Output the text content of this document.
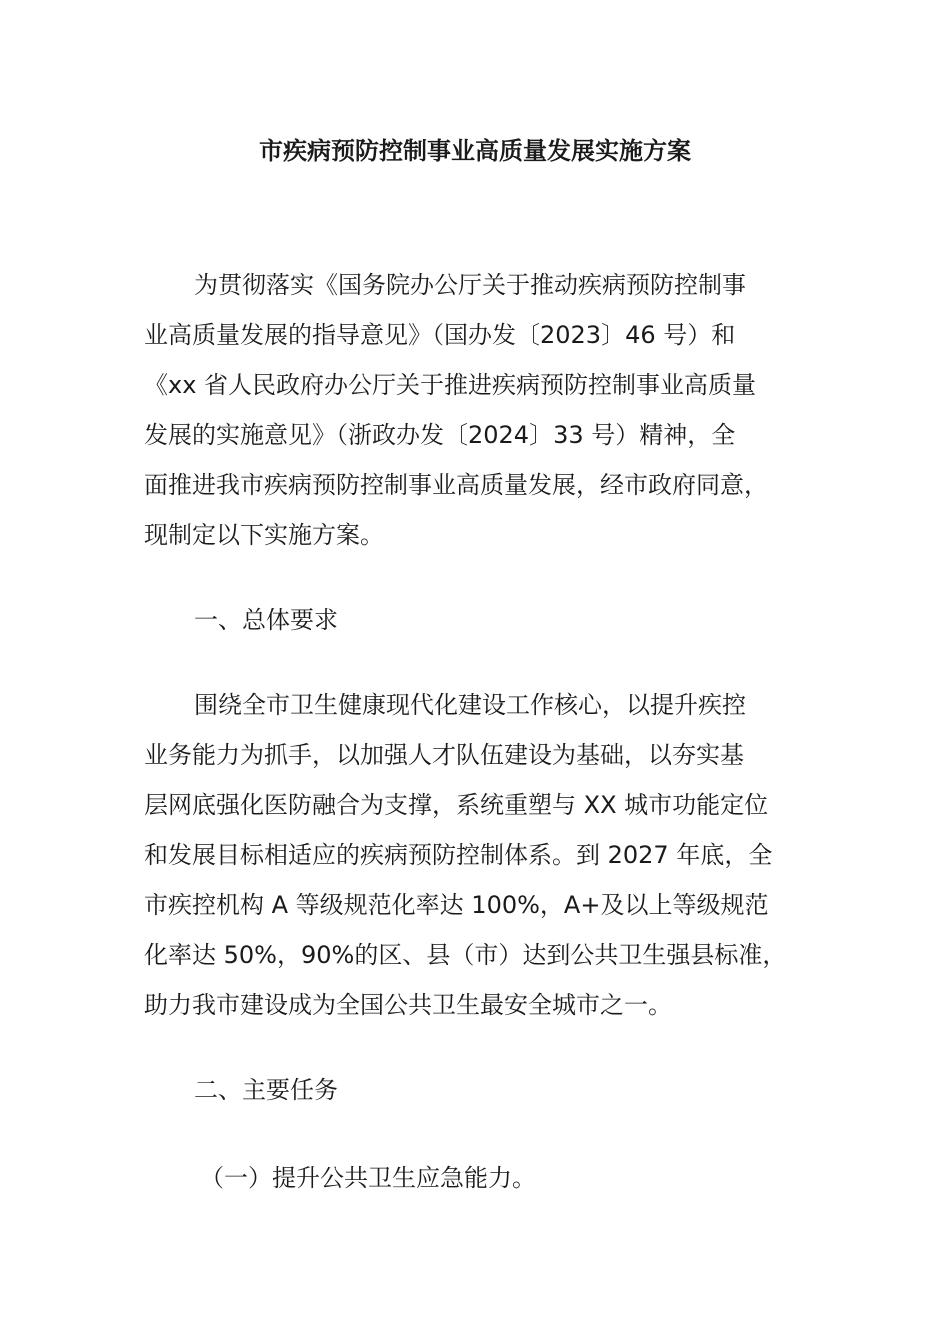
市疾病预防控制事业高质量发展实施方案
为贯彻落实《国务院办公厅关于推动疾病预防控制事
业高质量发展的指导意见》（国办发〔2023〕46 号）和
《xx 省人民政府办公厅关于推进疾病预防控制事业高质量
发展的实施意见》（浙政办发〔2024〕33 号）精神，全
面推进我市疾病预防控制事业高质量发展，经市政府同意，
现制定以下实施方案。
一、总体要求
围绕全市卫生健康现代化建设工作核心，以提升疾控
业务能力为抓手，以加强人才队伍建设为基础，以夯实基
层网底强化医防融合为支撑，系统重塑与 XX 城市功能定位
和发展目标相适应的疾病预防控制体系。到 2027 年底，全
市疾控机构 A 等级规范化率达 100%，A+及以上等级规范
化率达 50%，90%的区、县（市）达到公共卫生强县标准，
助力我市建设成为全国公共卫生最安全城市之一。
二、主要任务
（一）提升公共卫生应急能力。
